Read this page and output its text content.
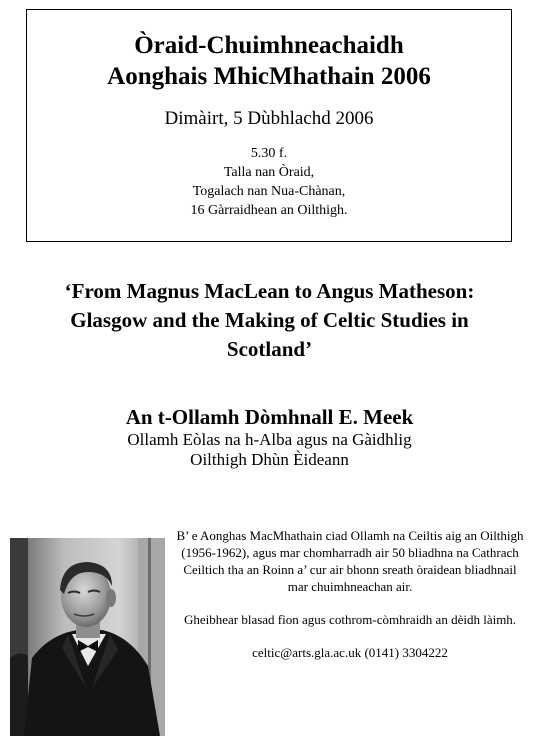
Òraid-Chuimhneachaidh
Aonghais MhicMhathain 2006
Dimàirt, 5 Dùbhlachd 2006
5.30 f.
Talla nan Òraid,
Togalach nan Nua-Chànan,
16 Gàrraidhean an Oilthigh.
‘From Magnus MacLean to Angus Matheson:
Glasgow and the Making of Celtic Studies in
Scotland’
An t-Ollamh Dòmhnall E. Meek
Ollamh Eòlas na h-Alba agus na Gàidhlig
Oilthigh Dhùn Èideann

B’ e Aonghas MacMhathain ciad Ollamh na Ceiltis aig an Oilthigh (1956-1962), agus mar chomharradh air 50 bliadhna na Cathrach Ceiltich tha an Roinn a’ cur air bhonn sreath òraidean bliadhnail mar chuimhneachan air.

Gheibhear blasad fìon agus cothrom-còmhraidh an dèidh làimh.

celtic@arts.gla.ac.uk (0141) 3304222
